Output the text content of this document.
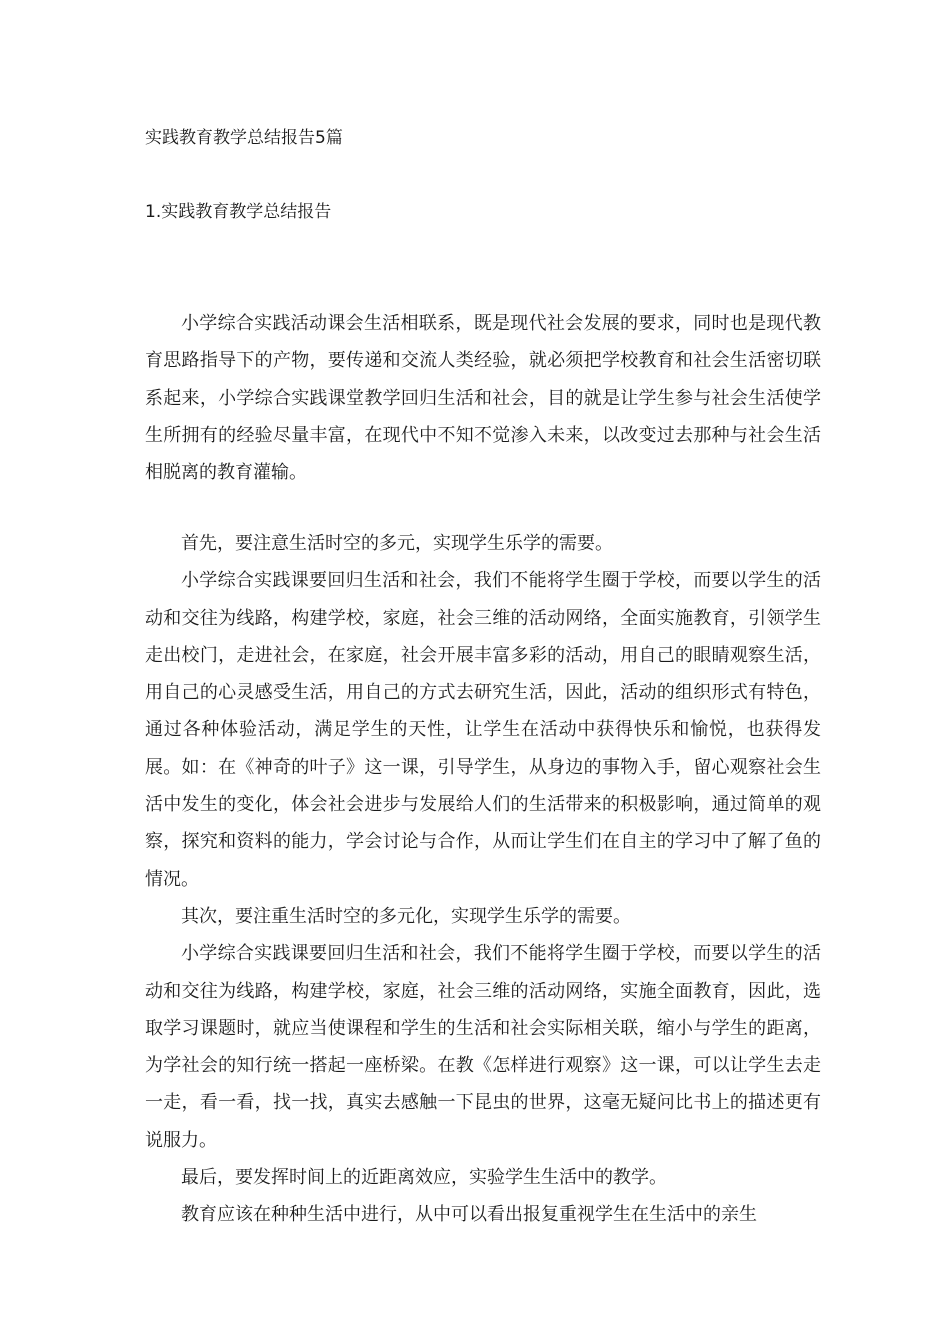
实践教育教学总结报告5篇
1.实践教育教学总结报告

小学综合实践活动课会生活相联系，既是现代社会发展的要求，同时也是现代教育思路指导下的产物，要传递和交流人类经验，就必须把学校教育和社会生活密切联系起来，小学综合实践课堂教学回归生活和社会，目的就是让学生参与社会生活使学生所拥有的经验尽量丰富，在现代中不知不觉渗入未来，以改变过去那种与社会生活相脱离的教育灌输。

首先，要注意生活时空的多元，实现学生乐学的需要。
小学综合实践课要回归生活和社会，我们不能将学生圈于学校，而要以学生的活动和交往为线路，构建学校，家庭，社会三维的活动网络，全面实施教育，引领学生走出校门，走进社会，在家庭，社会开展丰富多彩的活动，用自己的眼睛观察生活，用自己的心灵感受生活，用自己的方式去研究生活，因此，活动的组织形式有特色，通过各种体验活动，满足学生的天性，让学生在活动中获得快乐和愉悦，也获得发展。如：在《神奇的叶子》这一课，引导学生，从身边的事物入手，留心观察社会生活中发生的变化，体会社会进步与发展给人们的生活带来的积极影响，通过简单的观察，探究和资料的能力，学会讨论与合作，从而让学生们在自主的学习中了解了鱼的情况。
其次，要注重生活时空的多元化，实现学生乐学的需要。
小学综合实践课要回归生活和社会，我们不能将学生圈于学校，而要以学生的活动和交往为线路，构建学校，家庭，社会三维的活动网络，实施全面教育，因此，选取学习课题时，就应当使课程和学生的生活和社会实际相关联，缩小与学生的距离，为学社会的知行统一搭起一座桥梁。在教《怎样进行观察》这一课，可以让学生去走一走，看一看，找一找，真实去感触一下昆虫的世界，这毫无疑问比书上的描述更有说服力。
最后，要发挥时间上的近距离效应，实验学生生活中的教学。
教育应该在种种生活中进行，从中可以看出报复重视学生在生活中的亲生
